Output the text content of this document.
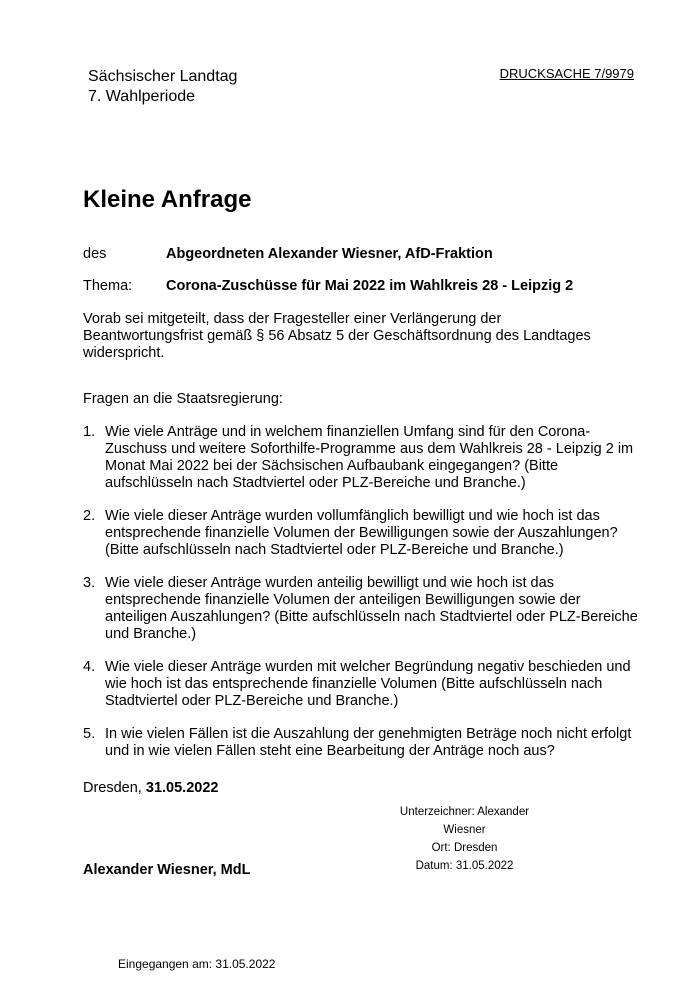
Sächsischer Landtag
7. Wahlperiode
DRUCKSACHE 7/9979
Kleine Anfrage
des	Abgeordneten Alexander Wiesner, AfD-Fraktion
Thema: Corona-Zuschüsse für Mai 2022 im Wahlkreis 28 - Leipzig 2
Vorab sei mitgeteilt, dass der Fragesteller einer Verlängerung der Beantwortungsfrist gemäß § 56 Absatz 5 der Geschäftsordnung des Landtages widerspricht.
Fragen an die Staatsregierung:
1. Wie viele Anträge und in welchem finanziellen Umfang sind für den Corona-Zuschuss und weitere Soforthilfe-Programme aus dem Wahlkreis 28 - Leipzig 2 im Monat Mai 2022 bei der Sächsischen Aufbaubank eingegangen? (Bitte aufschlüsseln nach Stadtviertel oder PLZ-Bereiche und Branche.)
2. Wie viele dieser Anträge wurden vollumfänglich bewilligt und wie hoch ist das entsprechende finanzielle Volumen der Bewilligungen sowie der Auszahlungen? (Bitte aufschlüsseln nach Stadtviertel oder PLZ-Bereiche und Branche.)
3. Wie viele dieser Anträge wurden anteilig bewilligt und wie hoch ist das entsprechende finanzielle Volumen der anteiligen Bewilligungen sowie der anteiligen Auszahlungen? (Bitte aufschlüsseln nach Stadtviertel oder PLZ-Bereiche und Branche.)
4. Wie viele dieser Anträge wurden mit welcher Begründung negativ beschieden und wie hoch ist das entsprechende finanzielle Volumen (Bitte aufschlüsseln nach Stadtviertel oder PLZ-Bereiche und Branche.)
5. In wie vielen Fällen ist die Auszahlung der genehmigten Beträge noch nicht erfolgt und in wie vielen Fällen steht eine Bearbeitung der Anträge noch aus?
Dresden, 31.05.2022
Unterzeichner: Alexander
Wiesner
Ort: Dresden
Datum: 31.05.2022
Alexander Wiesner, MdL
Eingegangen am: 31.05.2022
